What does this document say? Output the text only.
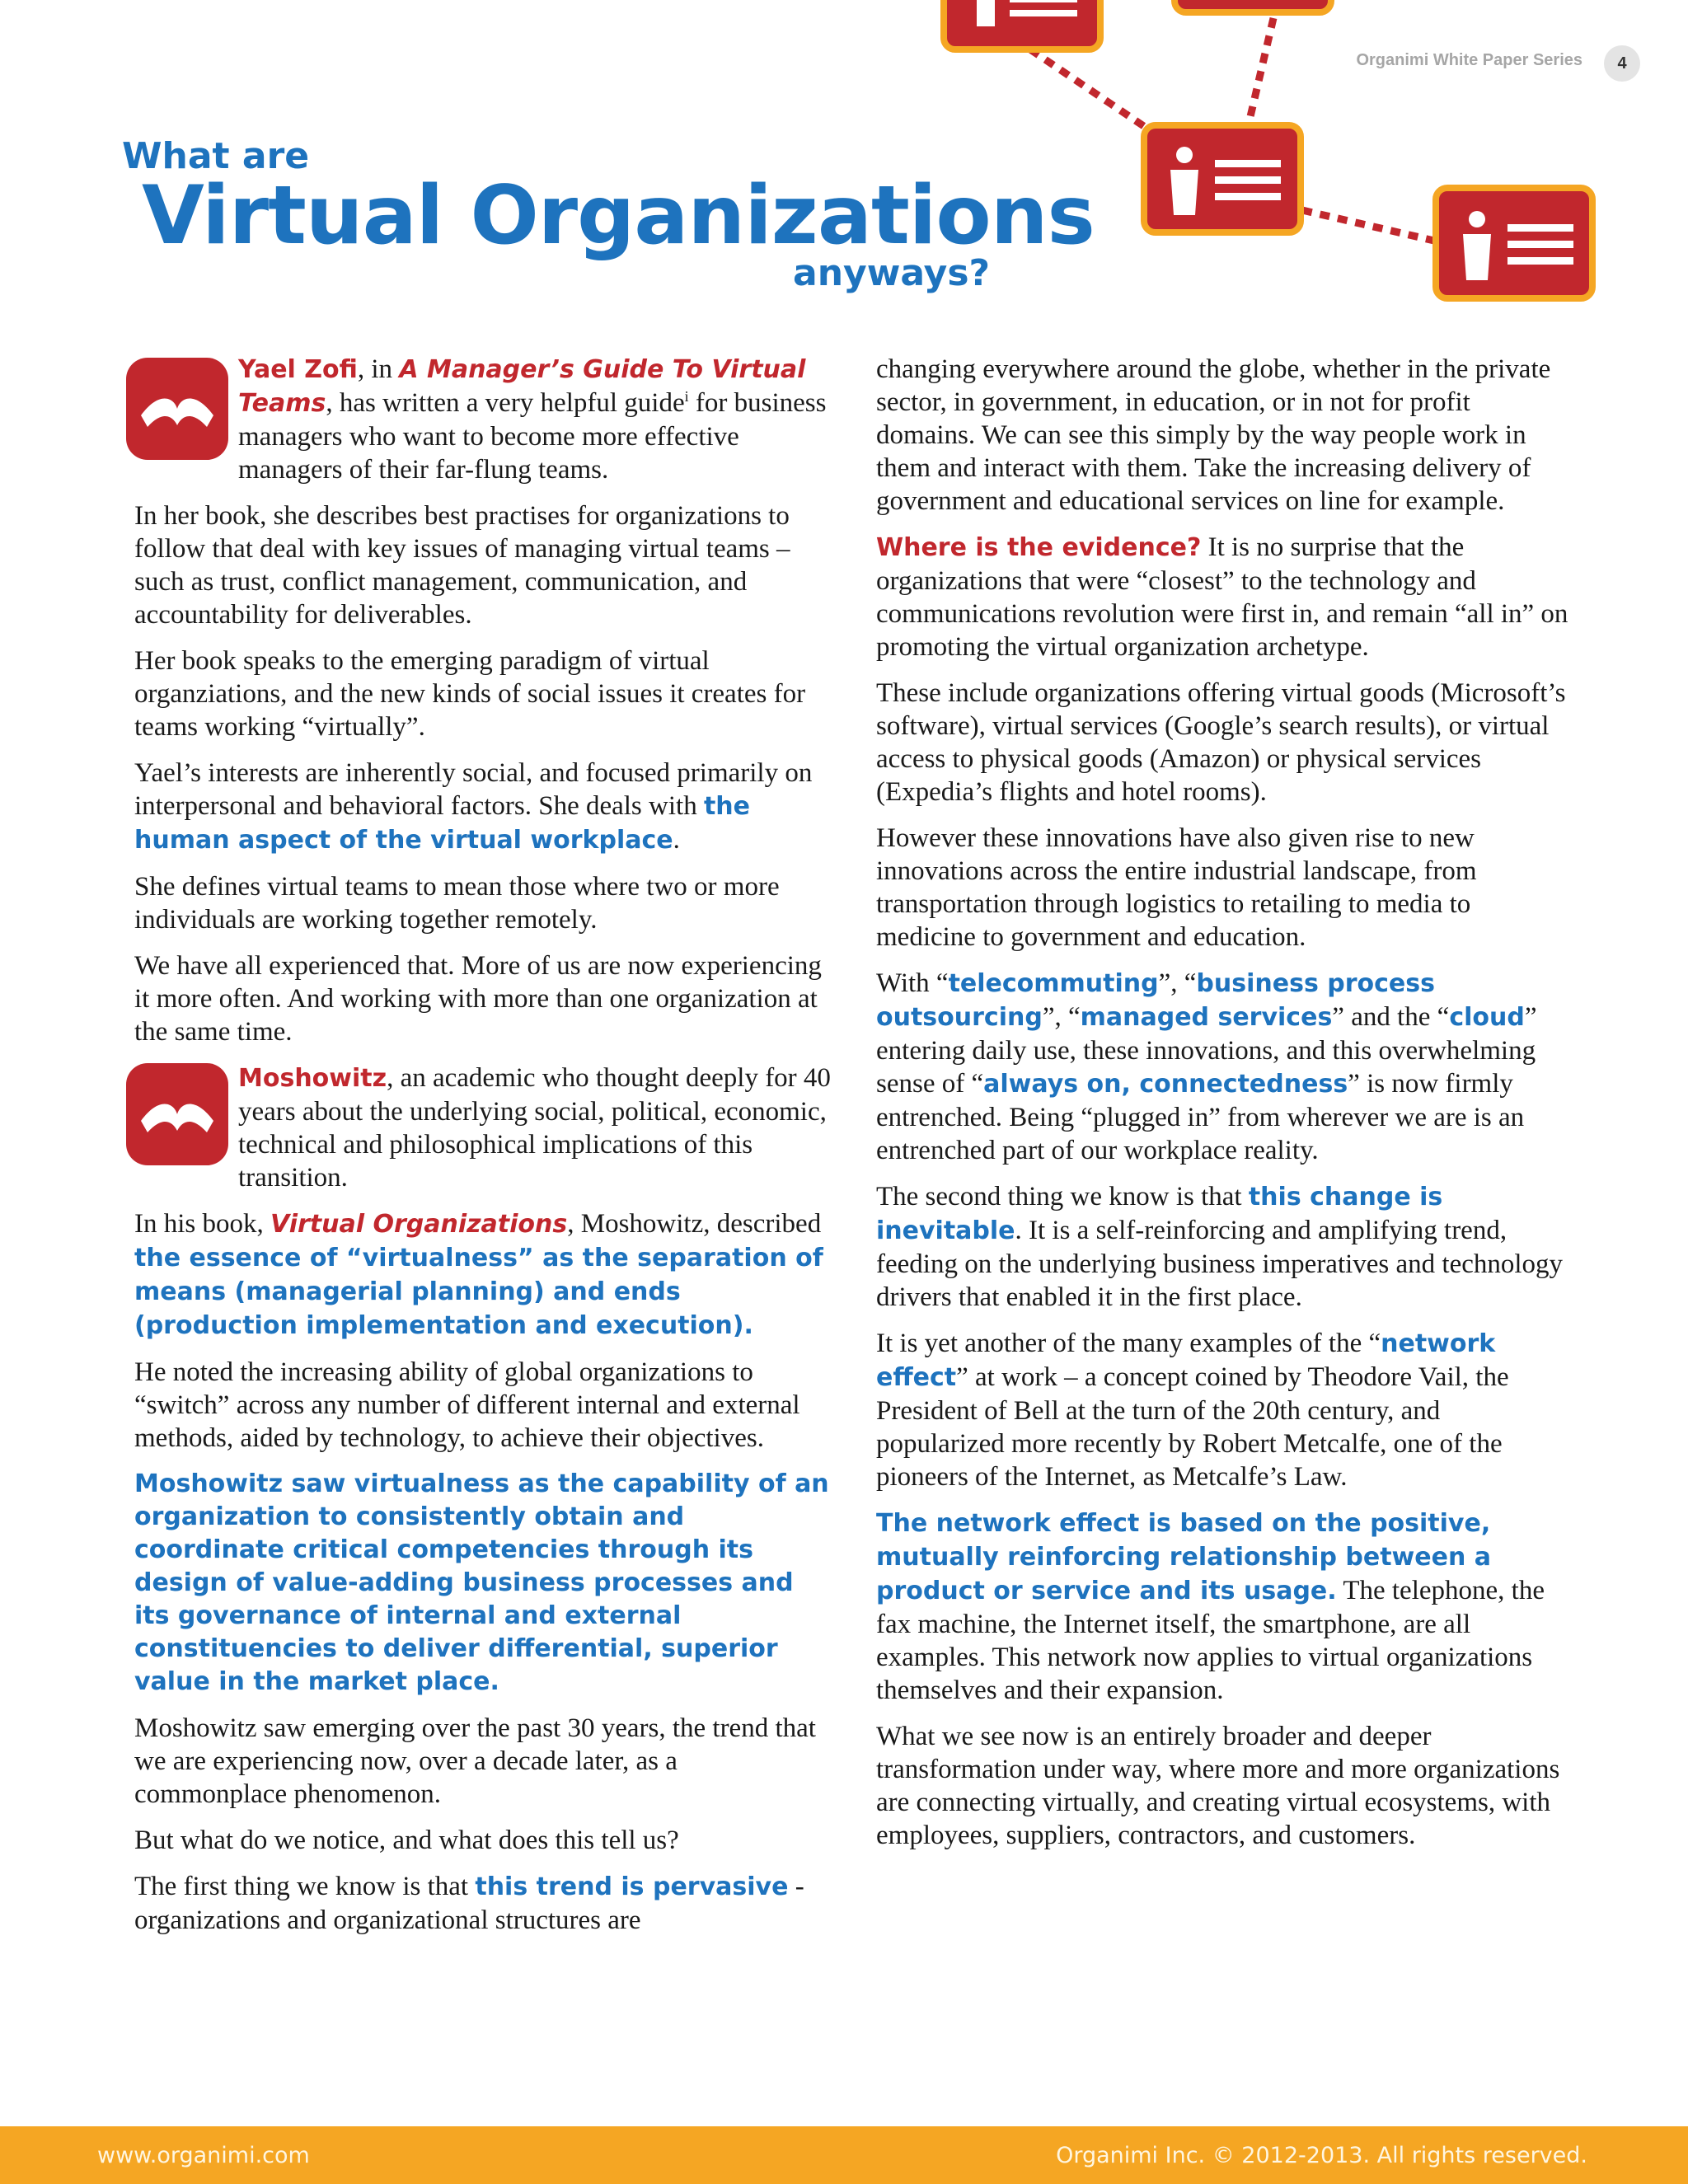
Organimi White Paper Series	4
What are
Virtual Organizations
anyways?

Yael Zofi, in A Manager’s Guide To Virtual Teams, has written a very helpful guide$^i$ for business managers who want to become more effective managers of their far-flung teams.

In her book, she describes best practises for organizations to follow that deal with key issues of managing virtual teams – such as trust, conflict management, communication, and accountability for deliverables.

Her book speaks to the emerging paradigm of virtual organziations, and the new kinds of social issues it creates for teams working “virtually”.

Yael’s interests are inherently social, and focused primarily on interpersonal and behavioral factors. She deals with the human aspect of the virtual workplace.

She defines virtual teams to mean those where two or more individuals are working together remotely.

We have all experienced that. More of us are now experiencing it more often. And working with more than one organization at the same time.

Moshowitz, an academic who thought deeply for 40 years about the underlying social, political, economic, technical and philosophical implications of this transition.

In his book, Virtual Organizations, Moshowitz, described the essence of “virtualness” as the separation of means (managerial planning) and ends (production implementation and execution).

He noted the increasing ability of global organizations to “switch” across any number of different internal and external methods, aided by technology, to achieve their objectives.

Moshowitz saw virtualness as the capability of an organization to consistently obtain and coordinate critical competencies through its design of value-adding business processes and its governance of internal and external constituencies to deliver differential, superior value in the market place.

Moshowitz saw emerging over the past 30 years, the trend that we are experiencing now, over a decade later, as a commonplace phenomenon.

But what do we notice, and what does this tell us?

The first thing we know is that this trend is pervasive - organizations and organizational structures are

changing everywhere around the globe, whether in the private sector, in government, in education, or in not for profit domains. We can see this simply by the way people work in them and interact with them. Take the increasing delivery of government and educational services on line for example.

Where is the evidence? It is no surprise that the organizations that were “closest” to the technology and communications revolution were first in, and remain “all in” on promoting the virtual organization archetype.

These include organizations offering virtual goods (Microsoft’s software), virtual services (Google’s search results), or virtual access to physical goods (Amazon) or physical services (Expedia’s flights and hotel rooms).

However these innovations have also given rise to new innovations across the entire industrial landscape, from transportation through logistics to retailing to media to medicine to government and education.

With “telecommuting”, “business process outsourcing”, “managed services” and the “cloud” entering daily use, these innovations, and this overwhelming sense of “always on, connectedness” is now firmly entrenched. Being “plugged in” from wherever we are is an entrenched part of our workplace reality.

The second thing we know is that this change is inevitable. It is a self-reinforcing and amplifying trend, feeding on the underlying business imperatives and technology drivers that enabled it in the first place.

It is yet another of the many examples of the “network effect” at work – a concept coined by Theodore Vail, the President of Bell at the turn of the 20th century, and popularized more recently by Robert Metcalfe, one of the pioneers of the Internet, as Metcalfe’s Law.

The network effect is based on the positive, mutually reinforcing relationship between a product or service and its usage. The telephone, the fax machine, the Internet itself, the smartphone, are all examples. This network now applies to virtual organizations themselves and their expansion.

What we see now is an entirely broader and deeper transformation under way, where more and more organizations are connecting virtually, and creating virtual ecosystems, with employees, suppliers, contractors, and customers.

www.organimi.com	Organimi Inc. © 2012-2013. All rights reserved.
